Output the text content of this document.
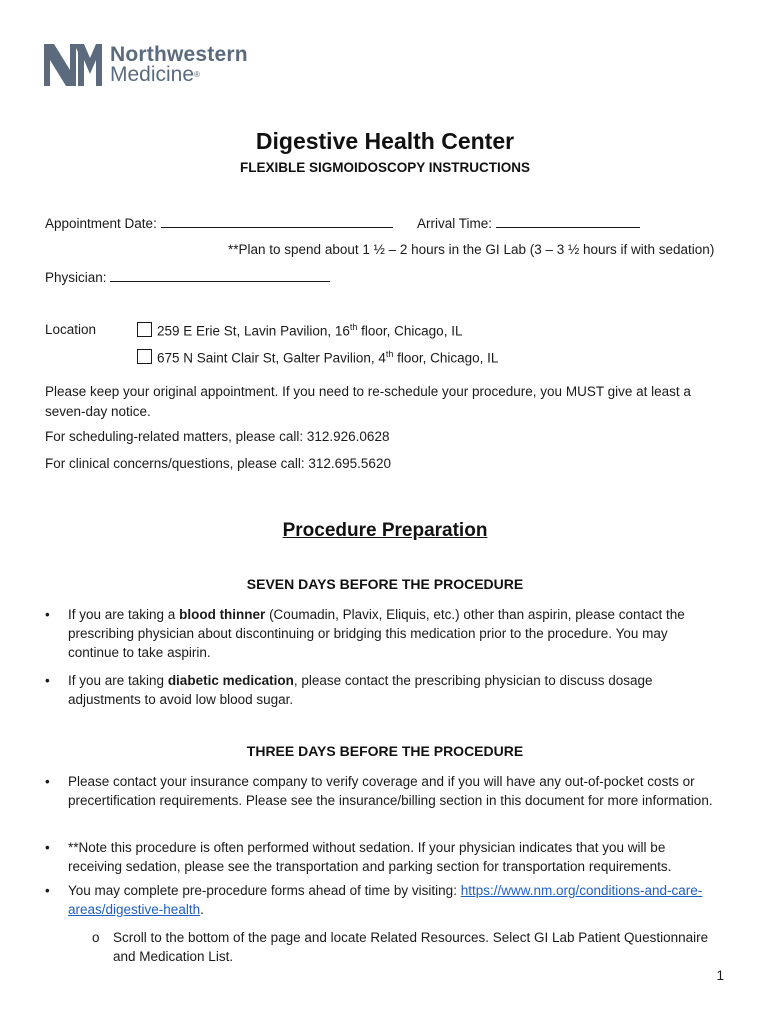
Northwestern
Medicine®
Digestive Health Center
FLEXIBLE SIGMOIDOSCOPY INSTRUCTIONS
Appointment Date:	Arrival Time:
**Plan to spend about 1 ½ – 2 hours in the GI Lab (3 – 3 ½ hours if with sedation)
Physician:
Location	259 E Erie St, Lavin Pavilion, 16th floor, Chicago, IL
675 N Saint Clair St, Galter Pavilion, 4th floor, Chicago, IL
Please keep your original appointment. If you need to re-schedule your procedure, you MUST give at least a seven-day notice.
For scheduling-related matters, please call: 312.926.0628
For clinical concerns/questions, please call: 312.695.5620
Procedure Preparation
SEVEN DAYS BEFORE THE PROCEDURE
• If you are taking a blood thinner (Coumadin, Plavix, Eliquis, etc.) other than aspirin, please contact the prescribing physician about discontinuing or bridging this medication prior to the procedure. You may continue to take aspirin.
• If you are taking diabetic medication, please contact the prescribing physician to discuss dosage adjustments to avoid low blood sugar.
THREE DAYS BEFORE THE PROCEDURE
• Please contact your insurance company to verify coverage and if you will have any out-of-pocket costs or precertification requirements. Please see the insurance/billing section in this document for more information.
• **Note this procedure is often performed without sedation. If your physician indicates that you will be receiving sedation, please see the transportation and parking section for transportation requirements.
• You may complete pre-procedure forms ahead of time by visiting: https://www.nm.org/conditions-and-care-areas/digestive-health.
o Scroll to the bottom of the page and locate Related Resources. Select GI Lab Patient Questionnaire and Medication List.
1
